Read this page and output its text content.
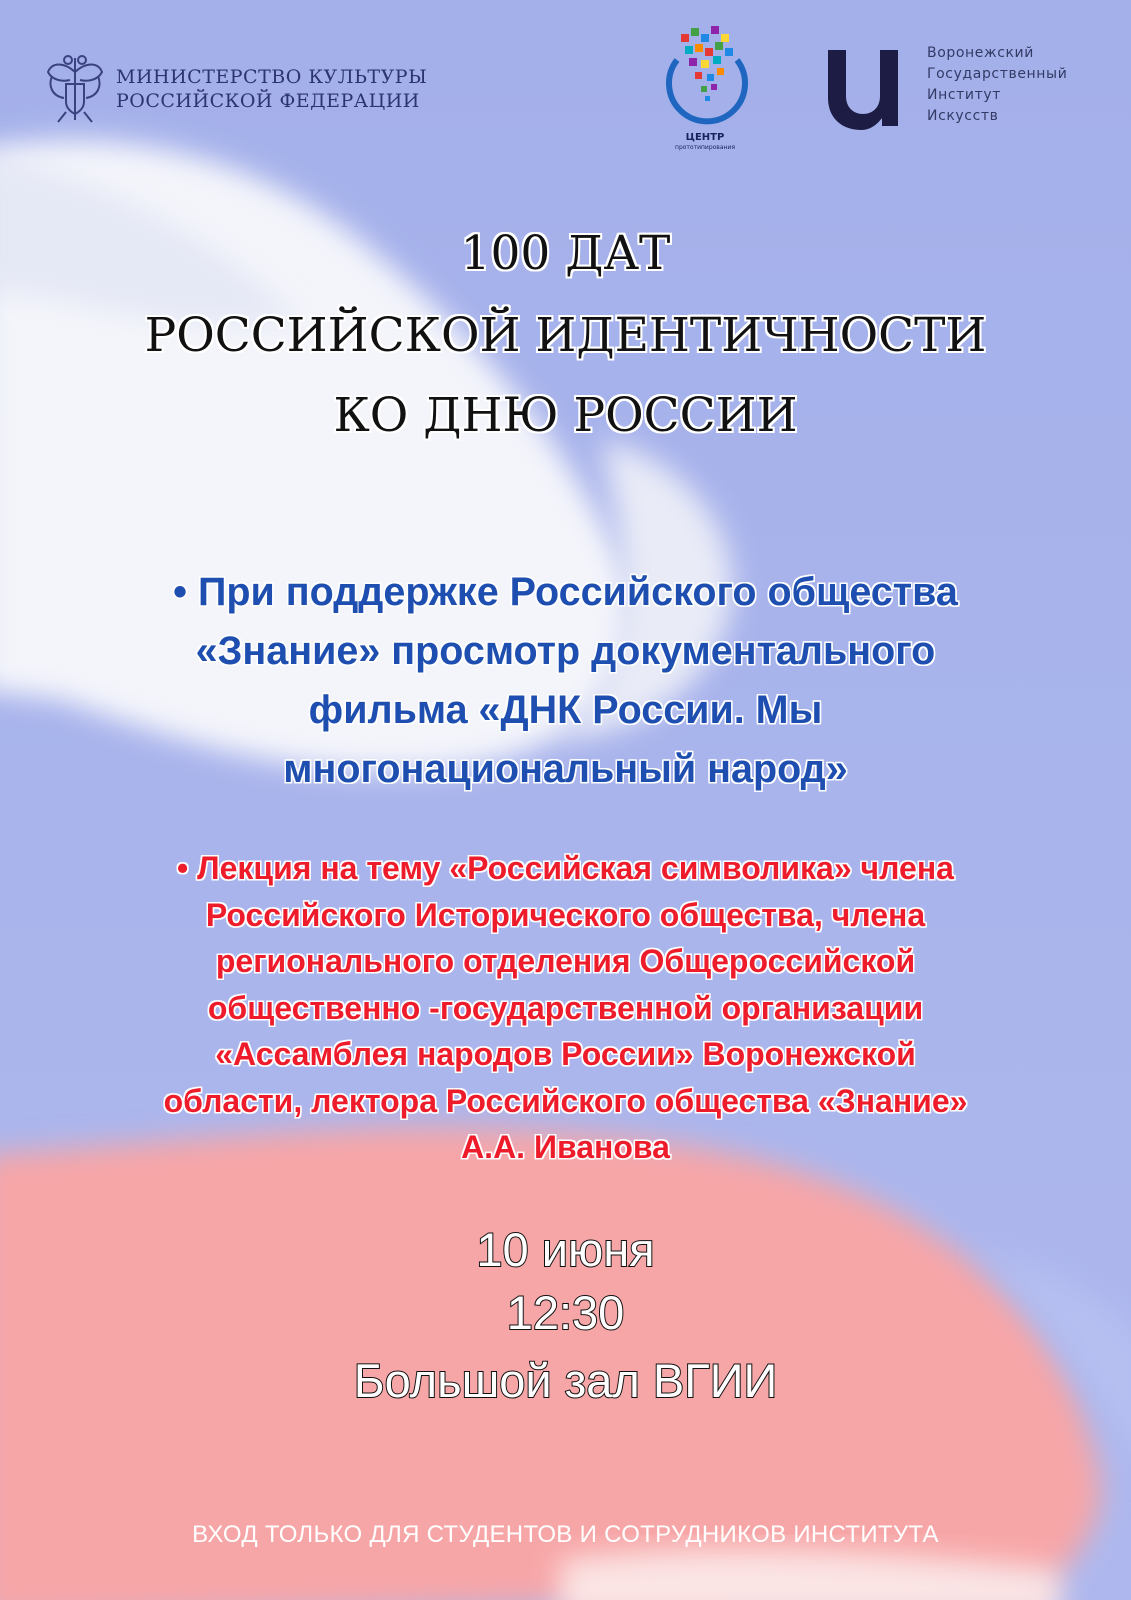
МИНИСТЕРСТВО КУЛЬТУРЫ
РОССИЙСКОЙ ФЕДЕРАЦИИ
ЦЕНТР
прототипирования
Воронежский
Государственный
Институт
Искусств
100 ДАТ
РОССИЙСКОЙ ИДЕНТИЧНОСТИ
КО ДНЮ РОССИИ
• При поддержке Российского общества
«Знание» просмотр документального
фильма «ДНК России. Мы
многонациональный народ»
• Лекция на тему «Российская символика» члена
Российского Исторического общества, члена
регионального отделения Общероссийской
общественно -государственной организации
«Ассамблея народов России» Воронежской
области, лектора Российского общества «Знание»
А.А. Иванова
10 июня
12:30
Большой зал ВГИИ
ВХОД ТОЛЬКО ДЛЯ СТУДЕНТОВ И СОТРУДНИКОВ ИНСТИТУТА
